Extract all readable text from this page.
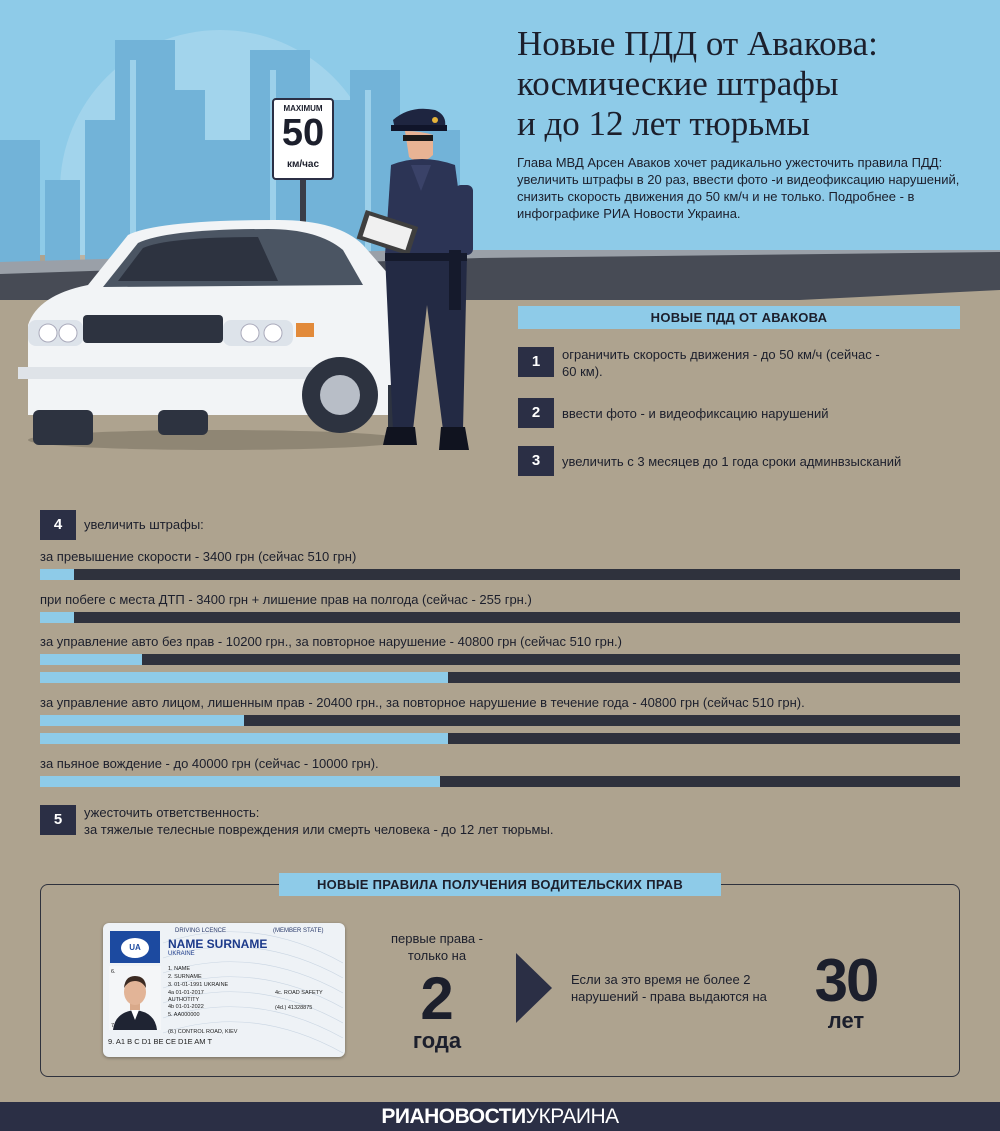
MAXIMUM
50
км/час
Новые ПДД от Авакова:
космические штрафы
и до 12 лет тюрьмы
Глава МВД Арсен Аваков хочет радикально ужесточить правила ПДД: увеличить штрафы в 20 раз, ввести фото -и видеофиксацию нарушений, снизить скорость движения до 50 км/ч и не только. Подробнее - в инфографике РИА Новости Украина.
НОВЫЕ ПДД ОТ АВАКОВА
1	ограничить скорость движения - до 50 км/ч (сейчас - 60 км).
2	ввести фото - и видеофиксацию нарушений
3	увеличить с 3 месяцев до 1 года сроки админвзысканий
4	увеличить штрафы:
за превышение скорости - 3400 грн (сейчас 510 грн)
при побеге с места ДТП - 3400 грн + лишение прав на полгода (сейчас - 255 грн.)
за управление авто без прав - 10200 грн., за повторное нарушение - 40800 грн (сейчас 510 грн.)
за управление авто лицом, лишенным прав - 20400 грн., за повторное нарушение в течение года - 40800 грн (сейчас 510 грн).
за пьяное вождение - до 40000 грн (сейчас - 10000 грн).
5	ужесточить ответственность:
за тяжелые телесные повреждения или смерть человека - до 12 лет тюрьмы.
НОВЫЕ ПРАВИЛА ПОЛУЧЕНИЯ ВОДИТЕЛЬСКИХ ПРАВ
UA
DRIVING LCENCE	(MEMBER STATE)
NAME SURNAME
UKRAINE
6.
7.
1. NAME
2. SURNAME
3. 01-01-1991 UKRAINE
4a 01-01-2017
AUTHOTITY
4b 01-01-2022
5. AA000000
4c. ROAD SAFETY
(4d.) 41328875
(8.) CONTROL ROAD, KIEV
9. A1 B C D1 BE CE D1E AM T
первые права - только на
2
года
Если за это время не более 2 нарушений - права выдаются на 30
лет
РИАНОВОСТИУКРАИНА
